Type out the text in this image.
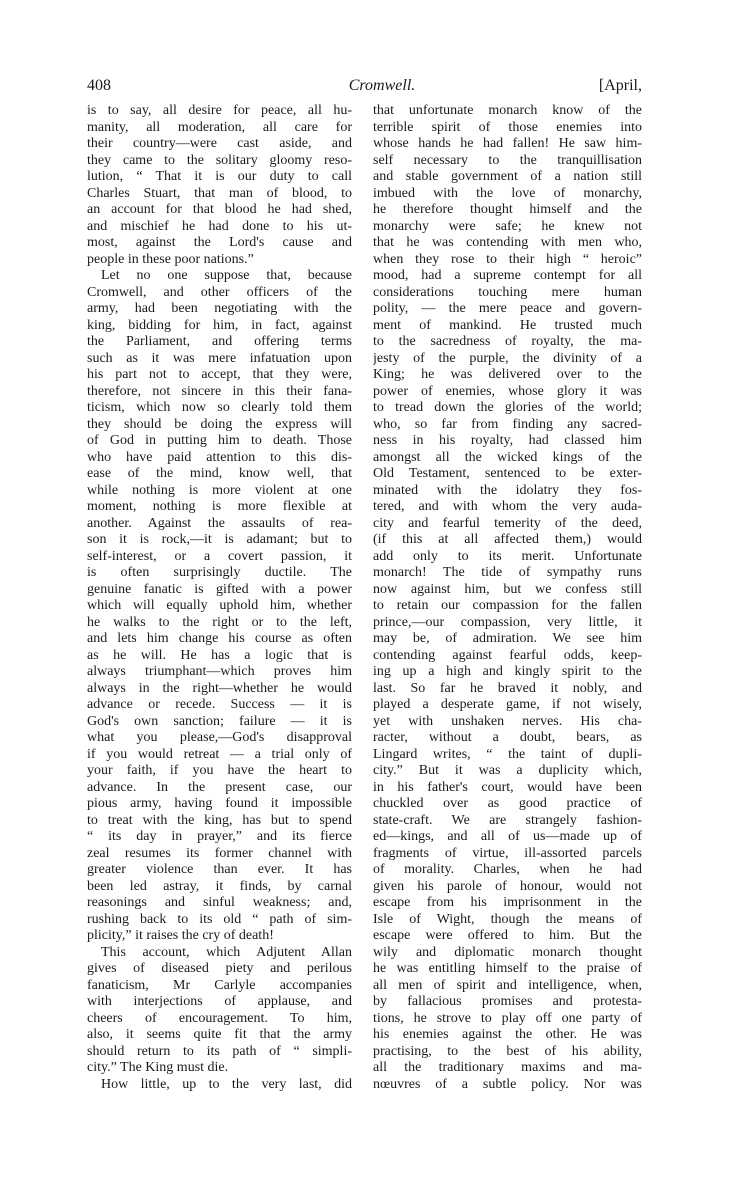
408	Cromwell.	[April,
is to say, all desire for peace, all hu-
manity, all moderation, all care for
their country—were cast aside, and
they came to the solitary gloomy reso-
lution, “ That it is our duty to call
Charles Stuart, that man of blood, to
an account for that blood he had shed,
and mischief he had done to his ut-
most, against the Lord's cause and
people in these poor nations.”
Let no one suppose that, because
Cromwell, and other officers of the
army, had been negotiating with the
king, bidding for him, in fact, against
the Parliament, and offering terms
such as it was mere infatuation upon
his part not to accept, that they were,
therefore, not sincere in this their fana-
ticism, which now so clearly told them
they should be doing the express will
of God in putting him to death. Those
who have paid attention to this dis-
ease of the mind, know well, that
while nothing is more violent at one
moment, nothing is more flexible at
another. Against the assaults of rea-
son it is rock,—it is adamant; but to
self-interest, or a covert passion, it
is often surprisingly ductile. The
genuine fanatic is gifted with a power
which will equally uphold him, whether
he walks to the right or to the left,
and lets him change his course as often
as he will. He has a logic that is
always triumphant—which proves him
always in the right—whether he would
advance or recede. Success — it is
God's own sanction; failure — it is
what you please,—God's disapproval
if you would retreat — a trial only of
your faith, if you have the heart to
advance. In the present case, our
pious army, having found it impossible
to treat with the king, has but to spend
“ its day in prayer,” and its fierce
zeal resumes its former channel with
greater violence than ever. It has
been led astray, it finds, by carnal
reasonings and sinful weakness; and,
rushing back to its old “ path of sim-
plicity,” it raises the cry of death!
This account, which Adjutent Allan
gives of diseased piety and perilous
fanaticism, Mr Carlyle accompanies
with interjections of applause, and
cheers of encouragement. To him,
also, it seems quite fit that the army
should return to its path of “ simpli-
city.” The King must die.
How little, up to the very last, did
that unfortunate monarch know of the
terrible spirit of those enemies into
whose hands he had fallen! He saw him-
self necessary to the tranquillisation
and stable government of a nation still
imbued with the love of monarchy,
he therefore thought himself and the
monarchy were safe; he knew not
that he was contending with men who,
when they rose to their high “ heroic”
mood, had a supreme contempt for all
considerations touching mere human
polity, — the mere peace and govern-
ment of mankind. He trusted much
to the sacredness of royalty, the ma-
jesty of the purple, the divinity of a
King; he was delivered over to the
power of enemies, whose glory it was
to tread down the glories of the world;
who, so far from finding any sacred-
ness in his royalty, had classed him
amongst all the wicked kings of the
Old Testament, sentenced to be exter-
minated with the idolatry they fos-
tered, and with whom the very auda-
city and fearful temerity of the deed,
(if this at all affected them,) would
add only to its merit. Unfortunate
monarch! The tide of sympathy runs
now against him, but we confess still
to retain our compassion for the fallen
prince,—our compassion, very little, it
may be, of admiration. We see him
contending against fearful odds, keep-
ing up a high and kingly spirit to the
last. So far he braved it nobly, and
played a desperate game, if not wisely,
yet with unshaken nerves. His cha-
racter, without a doubt, bears, as
Lingard writes, “ the taint of dupli-
city.” But it was a duplicity which,
in his father's court, would have been
chuckled over as good practice of
state-craft. We are strangely fashion-
ed—kings, and all of us—made up of
fragments of virtue, ill-assorted parcels
of morality. Charles, when he had
given his parole of honour, would not
escape from his imprisonment in the
Isle of Wight, though the means of
escape were offered to him. But the
wily and diplomatic monarch thought
he was entitling himself to the praise of
all men of spirit and intelligence, when,
by fallacious promises and protesta-
tions, he strove to play off one party of
his enemies against the other. He was
practising, to the best of his ability,
all the traditionary maxims and ma-
nœuvres of a subtle policy. Nor was
